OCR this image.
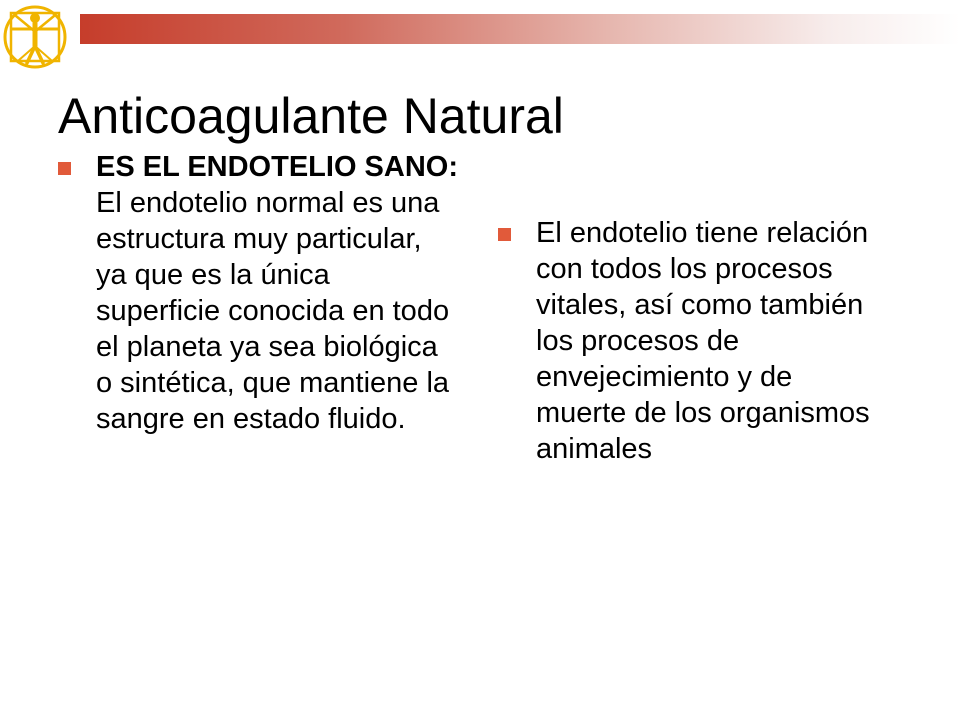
Anticoagulante Natural

ES EL ENDOTELIO SANO:

El endotelio normal es una estructura muy particular, ya que es la única superficie conocida en todo el planeta ya sea biológica o sintética, que mantiene la sangre en estado fluido.

El endotelio tiene relación con todos los procesos vitales, así como también los procesos de envejecimiento y de muerte de los organismos animales
